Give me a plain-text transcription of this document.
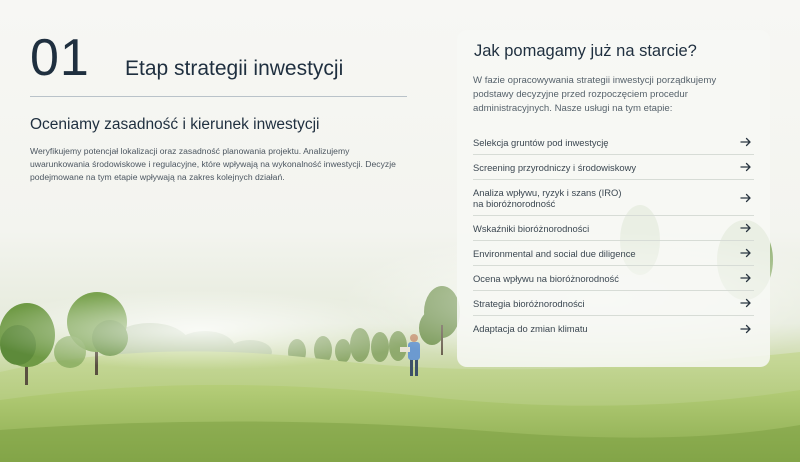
01	Etap strategii inwestycji
Oceniamy zasadność i kierunek inwestycji

Weryfikujemy potencjał lokalizacji oraz zasadność planowania projektu. Analizujemy uwarunkowania środowiskowe i regulacyjne, które wpływają na wykonalność inwestycji. Decyzje podejmowane na tym etapie wpływają na zakres kolejnych działań.

Jak pomagamy już na starcie?

W fazie opracowywania strategii inwestycji porządkujemy podstawy decyzyjne przed rozpoczęciem procedur administracyjnych. Nasze usługi na tym etapie:

Selekcja gruntów pod inwestycję
Screening przyrodniczy i środowiskowy
Analiza wpływu, ryzyk i szans (IRO)
na bioróżnorodność
Wskaźniki bioróżnorodności
Environmental and social due diligence
Ocena wpływu na bioróżnorodność
Strategia bioróżnorodności
Adaptacja do zmian klimatu
